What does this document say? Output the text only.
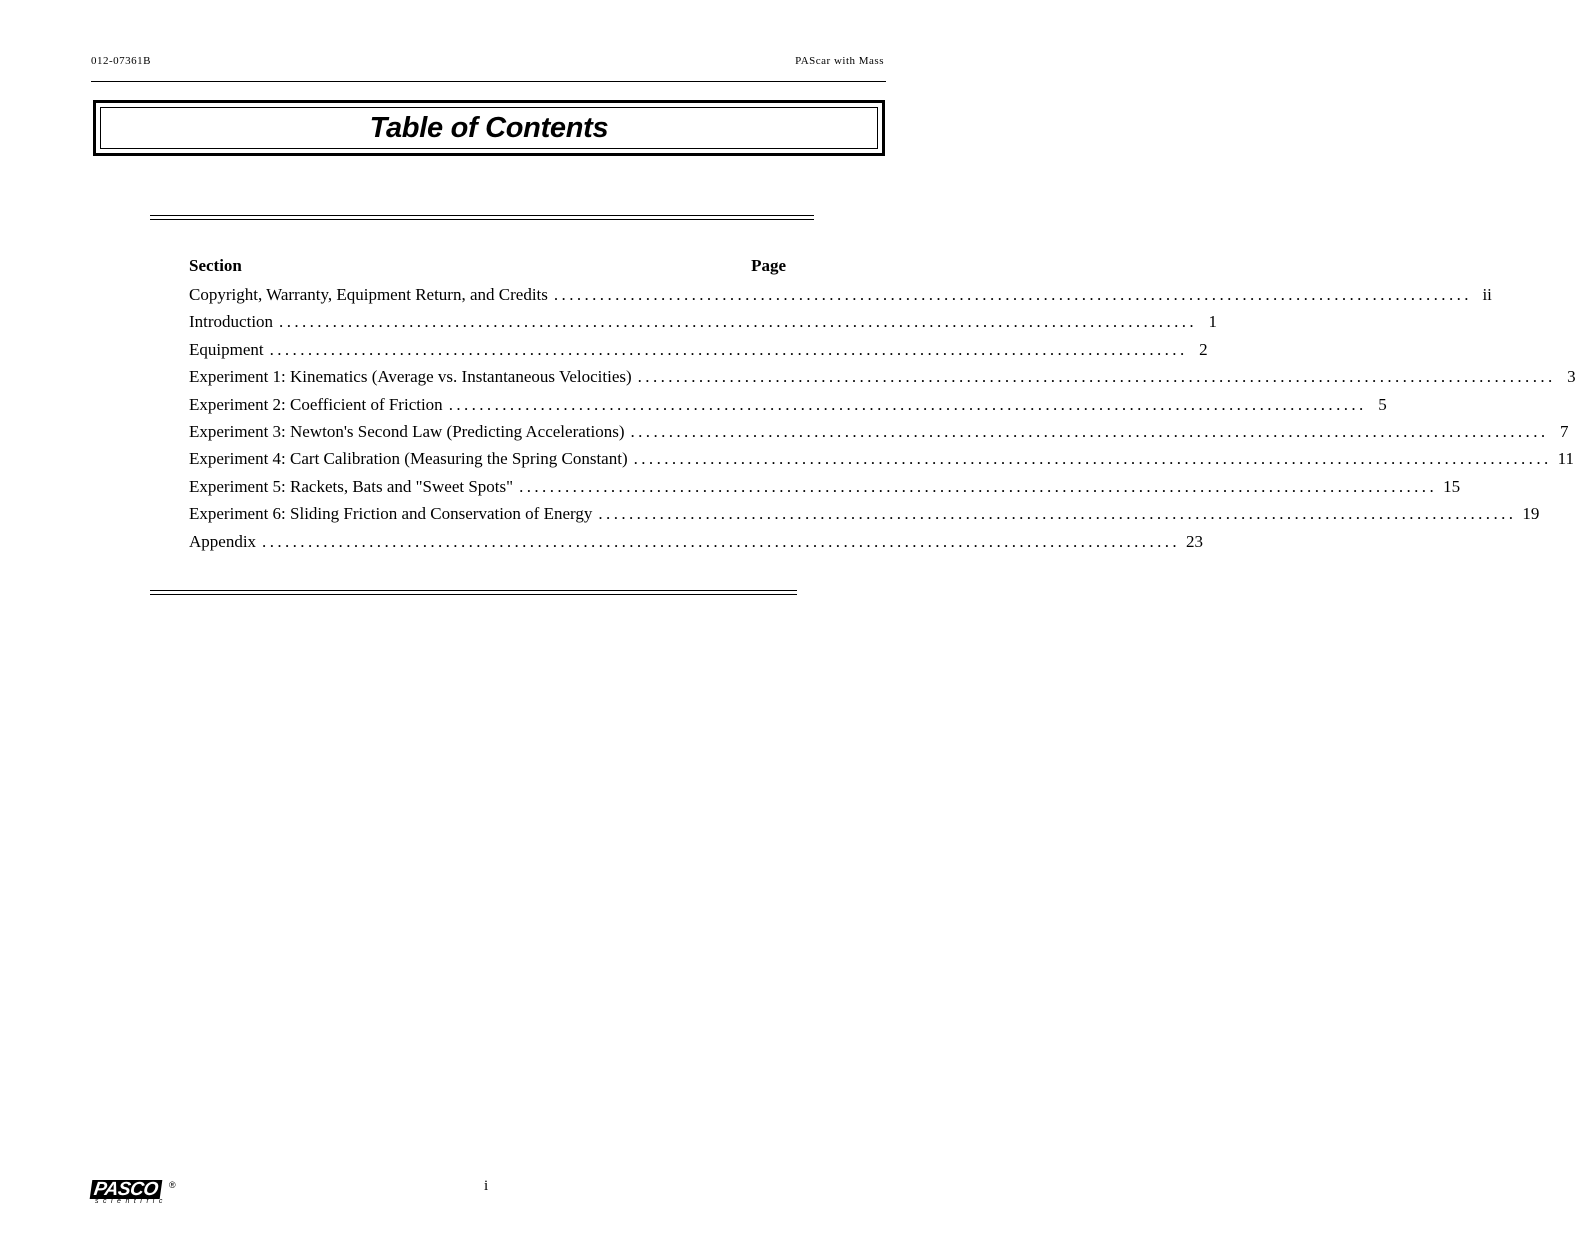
012-07361B	PAScar with Mass
Table of Contents
Section	Page
Copyright, Warranty, Equipment Return, and Credits ........................................................................................................................ ii
Introduction ........................................................................................................................ 1
Equipment ........................................................................................................................ 2
Experiment 1: Kinematics (Average vs. Instantaneous Velocities) ........................................................................................................................ 3
Experiment 2: Coefficient of Friction ........................................................................................................................ 5
Experiment 3: Newton's Second Law (Predicting Accelerations) ........................................................................................................................ 7
Experiment 4: Cart Calibration (Measuring the Spring Constant) ........................................................................................................................ 11
Experiment 5: Rackets, Bats and "Sweet Spots" ........................................................................................................................ 15
Experiment 6: Sliding Friction and Conservation of Energy ........................................................................................................................ 19
Appendix ........................................................................................................................ 23
PASCO
scientific
®	i
